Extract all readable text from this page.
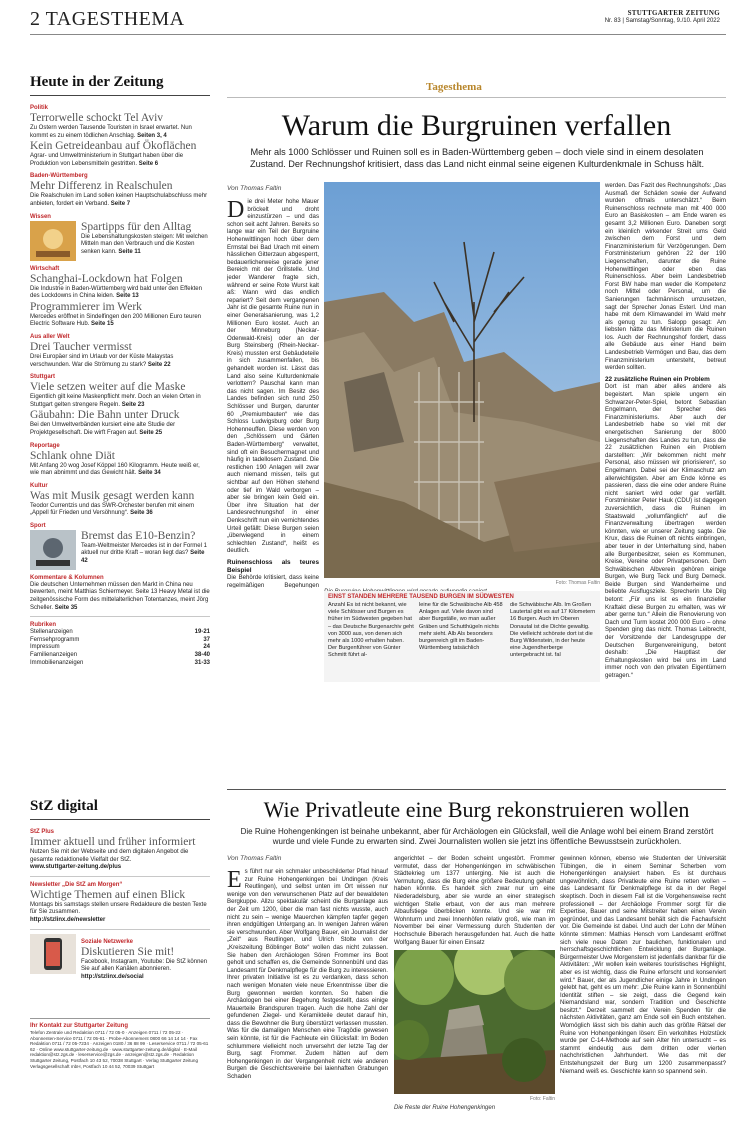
2 TAGESTHEMA	STUTTGARTER ZEITUNG
Nr. 83 | Samstag/Sonntag, 9./10. April 2022
Heute in der Zeitung
Politik
Terrorwelle schockt Tel Aviv
Zu Ostern werden Tausende Touristen in Israel erwartet. Nun kommt es zu einem tödlichen Anschlag. Seiten 3, 4
Kein Getreideanbau auf Ökoflächen
Agrar- und Umweltministerium in Stuttgart haben über die Produktion von Lebensmitteln gestritten. Seite 6
Baden-Württemberg
Mehr Differenz in Realschulen
Die Realschulen im Land sollen keinen Hauptschulabschluss mehr anbieten, fordert ein Verband. Seite 7
Wissen
Spartipps für den Alltag
Die Lebenshaltungskosten steigen: Mit welchen Mitteln man den Verbrauch und die Kosten senken kann. Seite 11
Wirtschaft
Schanghai-Lockdown hat Folgen
Die Industrie in Baden-Württemberg wird bald unter den Effekten des Lockdowns in China leiden. Seite 13
Programmierer im Werk
Mercedes eröffnet in Sindelfingen den 200 Millionen Euro teuren Electric Software Hub. Seite 15
Aus aller Welt
Drei Taucher vermisst
Drei Europäer sind im Urlaub vor der Küste Malaystas verschwunden. War die Strömung zu stark? Seite 22
Stuttgart
Viele setzen weiter auf die Maske
Eigentlich gilt keine Maskenpflicht mehr. Doch an vielen Orten in Stuttgart gelten strengere Regeln. Seite 23
Gäubahn: Die Bahn unter Druck
Bei den Umweltverbänden kursiert eine alte Studie der Projektgesellschaft. Die wirft Fragen auf. Seite 25
Reportage
Schlank ohne Diät
Mit Anfang 20 wog Josef Köppel 160 Kilogramm. Heute weiß er, wie man abnimmt und das Gewicht hält. Seite 34
Kultur
Was mit Musik gesagt werden kann
Teodor Currentzis und das SWR-Orchester berufen mit einem „Appell für Frieden und Versöhnung“. Seite 36
Sport
Bremst das E10-Benzin?
Team-Weltmeister Mercedes ist in der Formel 1 aktuell nur dritte Kraft – woran liegt das? Seite 42
Kommentare & Kolumnen
Die deutschen Unternehmen müssen den Markt in China neu bewerten, meint Matthias Schiermeyer. Seite 13 Heavy Metal ist die zeitgenössische Form des mittelalterlichen Totentanzes, meint Jörg Scheller. Seite 35
Rubriken
Stellenanzeigen	19-21
Fernsehprogramm	37
Impressum	24
Familienanzeigen	38-40
Immobilienanzeigen	31-33
Tagesthema
Warum die Burgruinen verfallen
Mehr als 1000 Schlösser und Ruinen soll es in Baden-Württemberg geben – doch viele sind in einem desolaten Zustand. Der Rechnungshof kritisiert, dass das Land nicht einmal seine eigenen Kulturdenkmale in Schuss hält.
Von Thomas Faltin
Die drei Meter hohe Mauer bröckelt und droht einzustürzen – und das schon seit acht Jahren. Bereits so lange war ein Teil der Burgruine Hohenwittlingen hoch über dem Ermstal bei Bad Urach mit einem hässlichen Gitterzaun abgesperrt, bedauerlicherweise gerade jener Bereich mit der Grillstelle. Und jeder Wanderer fragte sich, während er seine Rote Wurst kalt aß: Wann wird das endlich repariert? Seit dem vergangenen Jahr ist die gesamte Ruine nun in einer Generalsanierung, was 1,2 Millionen Euro kostet. Auch an der Minneburg (Neckar-Odenwald-Kreis) oder an der Burg Steinsberg (Rhein-Neckar-Kreis) mussten erst Gebäudeteile in sich zusammenfallen, bis gehandelt worden ist. Lässt das Land also seine Kulturdenkmale verlottern? Pauschal kann man das nicht sagen. Im Besitz des Landes befinden sich rund 250 Schlösser und Burgen, darunter 60 „Premiumbauten“ wie das Schloss Ludwigsburg oder Burg Hohenneuffen. Diese werden von den „Schlössern und Gärten Baden-Württemberg“ verwaltet, sind oft ein Besuchermagnet und häufig in tadellosem Zustand. Die restlichen 190 Anlagen will zwar auch niemand missen, teils gut sichtbar auf den Höhen stehend oder tief im Wald verborgen – aber sie bringen kein Geld ein. Über ihre Situation hat der Landesrechnungshof in einer Denkschrift nun ein vernichtendes Urteil gefällt: Diese Burgen seien „überwiegend in einem schlechten Zustand“, heißt es deutlich.
Ruinenschloss als teures Beispiel
Die Behörde kritisiert, dass keine regelmäßigen Begehungen	Foto: Thomas Faltin
EINST STANDEN MEHRERE TAUSEND BURGEN IM SÜDWESTEN
Anzahl Es ist nicht bekannt, wie viele Schlösser und Burgen es früher im Südwesten gegeben hat – das Deutsche Burgenarchiv geht von 3000 aus, von denen sich mehr als 1000 erhalten haben. Der Burgenführer von Günter Schmitt führt al-
leine für die Schwäbische Alb 458 Anlagen auf. Viele davon sind aber Burgställe, wo man außer Gräben und Schutthügeln nichts mehr sieht. Alb Als besonders burgenreich gilt im Baden-Württemberg tatsächlich
die Schwäbische Alb. Im Großen Lautertal gibt es auf 17 Kilometern 16 Burgen. Auch im Oberen Donautal ist die Dichte gewaltig. Die vielleicht schönste dort ist die Burg Wildenstein, in der heute eine Jugendherberge untergebracht ist. fal
werden. Das Fazit des Rechnungshofs: „Das Ausmaß der Schäden sowie der Aufwand wurden oftmals unterschätzt.“ Beim Ruinenschloss rechnete man mit 400 000 Euro an Basiskosten – am Ende waren es gesamt 3,2 Millionen Euro. Daneben sorgt ein kleinlich wirkender Streit ums Geld zwischen dem Forst und dem Finanzministerium für Verzögerungen. Dem Forstministerium gehören 22 der 190 Liegenschaften, darunter die Ruine Hohenwittlingen oder eben das Ruinenschloss. Aber beim Landesbetrieb Forst BW habe man weder die Kompetenz noch Mittel oder Personal, um die Sanierungen fachmännisch umzusetzen, sagt der Sprecher Jonas Esterl. Und man habe mit dem Klimawandel im Wald mehr als genug zu tun. Salopp gesagt: Am liebsten hätte das Ministerium die Ruinen los. Auch der Rechnungshof fordert, dass alle Gebäude aus einer Hand beim Landesbetrieb Vermögen und Bau, das dem Finanzministerium untersteht, betreut werden sollten.
22 zusätzliche Ruinen ein Problem
Dort ist man aber alles andere als begeistert. Man spiele ungern ein Schwarzer-Peter-Spiel, betont Sebastian Engelmann, der Sprecher des Finanzministeriums. Aber auch der Landesbetrieb habe so viel mit der energetischen Sanierung der 8000 Liegenschaften des Landes zu tun, dass die 22 zusätzlichen Ruinen ein Problem darstellten: „Wir bekommen nicht mehr Personal, also müssen wir priorisieren“, so Engelmann. Dabei sei der Klimaschutz am allerwichtigsten. Aber am Ende könne es passieren, dass die eine oder andere Ruine nicht saniert wird oder gar verfällt. Forstminister Peter Hauk (CDU) ist dagegen zuversichtlich, dass die Ruinen im Staatswald „vollumfänglich“ auf die Finanzverwaltung übertragen werden könnten, wie er unserer Zeitung sagte. Die Krux, dass die Ruinen oft nichts einbringen, aber teuer in der Unterhaltung sind, haben alle Burgenbesitzer, seien es Kommunen, Kreise, Vereine oder Privatpersonen. Dem Schwäbischen Albverein gehören einige Burgen, wie Burg Teck und Burg Derneck. Beide Burgen sind Wanderheime und beliebte Ausflugsziele. Sprecherin Ute Dilg betont: „Für uns ist es ein finanzieller Kraftakt diese Burgen zu erhalten, was wir aber gerne tun.“ Allein die Renovierung von Dach und Turm kostet 200 000 Euro – ohne Spenden ging das nicht. Thomas Leibrecht, der Vorsitzende der Landesgruppe der Deutschen Burgenvereinigung, betont deshalb: „Die Hauptlast der Erhaltungskosten wird bei uns im Land immer noch von den privaten Eigentümern getragen.“
Wie Privatleute eine Burg rekonstruieren wollen
Die Ruine Hohengenkingen ist beinahe unbekannt, aber für Archäologen ein Glücksfall, weil die Anlage wohl bei einem Brand zerstört wurde und viele Funde zu erwarten sind. Zwei Journalisten wollen sie jetzt ins öffentliche Bewusstsein zurückholen.
Von Thomas Faltin
Es führt nur ein schmaler unbeschilderter Pfad hinauf zur Ruine Hohengenkingen bei Undingen (Kreis Reutlingen), und selbst unten im Ort wissen nur wenige von den verwunschenen Platz auf der bewaldeten Bergkuppe. Allzu spektakulär scheint die Burganlage aus der Zeit um 1200, über die man fast nichts wusste, auch nicht zu sein – wenige Mauerchen kämpfen tapfer gegen ihren endgültigen Untergang an. In wenigen Jahren wären sie verschwunden. Aber Wolfgang Bauer, ein Journalist der „Zeit“ aus Reutlingen, und Ulrich Stolte von der „Kreiszeitung Böblinger Bote“ wollen das nicht zulassen. Sie haben den Archäologen Sören Frommer ins Boot geholt und schaffen es, die Gemeinde Sonnenbühl und das Landesamt für Denkmalpflege für die Burg zu interessieren. Ihrer privaten Initiative ist es zu verdanken, dass schon nach wenigen Monaten viele neue Erkenntnisse über die Burg gewonnen werden konnten. So haben die Archäologen bei einer Begehung festgestellt, dass einige Mauerteile Brandspuren tragen. Auch die hohe Zahl der gefundenen Ziegel- und Keramikteile deutet darauf hin, dass die Bewohner die Burg überstürzt verlassen mussten. Was für die damaligen Menschen eine Tragödie gewesen sein könnte, ist für die Fachleute ein Glücksfall: Im Boden schlummere vielleicht noch unversehrt der letzte Tag der Burg, sagt Frommer. Zudem hätten auf dem Hohengenkingen in der Vergangenheit nicht wie anderen Burgen die Geschichtsvereine bei laienhaften Grabungen Schaden
angerichtet – der Boden scheint ungestört. Frommer vermutet, dass der Hohengenkingen im schwäbischen Städtekrieg um 1377 unterging. Nie ist auch die Vermutung, dass die Burg eine größere Bedeutung gehabt haben könnte. Es handelt sich zwar nur um eine Niederadelsburg, aber sie wurde an einer strategisch wichtigen Stelle erbaut, von der aus man mehrere Albaufstiege überblicken konnte. Und sie war mit Wohnturm und zwei Innenhöfen relativ groß, wie man im November bei einer Vermessung durch Studenten der Hochschule Biberach herausgefunden hat. Auch die hatte Wolfgang Bauer für einen Einsatz
Die Reste der Ruine Hohengenkingen
Foto: Faltin
gewinnen können, ebenso wie Studenten der Universität Tübingen, die in einem Seminar Scherben vom Hohengenkingen analysiert haben. Es ist durchaus ungewöhnlich, dass Privatleute eine Ruine retten wollen – das Landesamt für Denkmalpflege ist da in der Regel skeptisch. Doch in diesem Fall ist die Vorgehensweise recht professionell – der Archäologe Frommer sorgt für die Expertise, Bauer und seine Mitstreiter haben einen Verein gegründet, und das Landesamt behält sich die Fachaufsicht vor. Die Gemeinde ist dabei. Und auch der Lohn der Mühen könnte stimmen: Mathias Hensch vom Landesamt eröffnet sich viele neue Daten zur baulichen, funktionalen und herrschaftsgeschichtlichen Entwicklung der Burganlage. Bürgermeister Uwe Morgenstern ist jedenfalls dankbar für die Aktivitäten: „Wir wollen kein weiteres touristisches Highlight, aber es ist wichtig, dass die Ruine erforscht und konserviert wird.“ Bauer, der als Jugendlicher einige Jahre in Undingen gelebt hat, geht es um mehr: „Die Ruine kann in Sonnenbühl Identität stiften – sie zeigt, dass die Gegend kein Niemandsland war, sondern Tradition und Geschichte besitzt.“ Derzeit sammelt der Verein Spenden für die nächsten Aktivitäten, ganz am Ende soll ein Buch entstehen. Womöglich lässt sich bis dahin auch das größte Rätsel der Ruine von Hohengenkingen lösen: Ein verkohltes Holzstück wurde per C-14-Methode auf sein Alter hin untersucht – es stammt eindeutig aus dem dritten oder vierten nachchristlichen Jahrhundert. Wie das mit der Entstehungszeit der Burg um 1200 zusammenpasst? Niemand weiß es. Geschichte kann so spannend sein.
StZ digital
StZ Plus
Immer aktuell und früher informiert
Nutzen Sie mit der Webseite und dem digitalen Angebot die gesamte redaktionelle Vielfalt der StZ.
www.stuttgarter-zeitung.de/plus
Newsletter „Die StZ am Morgen“
Wichtige Themen auf einen Blick
Montags bis samstags stellen unsere Redakteure die besten Texte für Sie zusammen.
http://stzlinx.de/newsletter
Soziale Netzwerke
Diskutieren Sie mit!
Facebook, Instagram, Youtube: Die StZ können Sie auf allen Kanälen abonnieren.
http://stzlinx.de/social
Ihr Kontakt zur Stuttgarter Zeitung
Telefon Zentrale und Redaktion 0711 / 72 05-0 · Anzeigen 0711 / 72 05-22 · Abonnenten-Service 0711 / 72 05-61 · Probe-Abonnement 0800 66 14 14 14 · Fax Redaktion 0711 / 72 05-7234 · Anzeigen 0180 / 36 88 99 · Leserservice 0711 / 72 05-61 62 · Online www.stuttgarter-zeitung.de · www.stuttgarter-zeitung.de/digital · E-Mail redaktion@stz.zgs.de · leserservice@zgs.de · anzeigen@stz.zgs.de · Redaktion Stuttgarter Zeitung, Postfach 10 43 52, 70038 Stuttgart · Verlag Stuttgarter Zeitung Verlagsgesellschaft mbH, Postfach 10 44 52, 70039 Stuttgart
